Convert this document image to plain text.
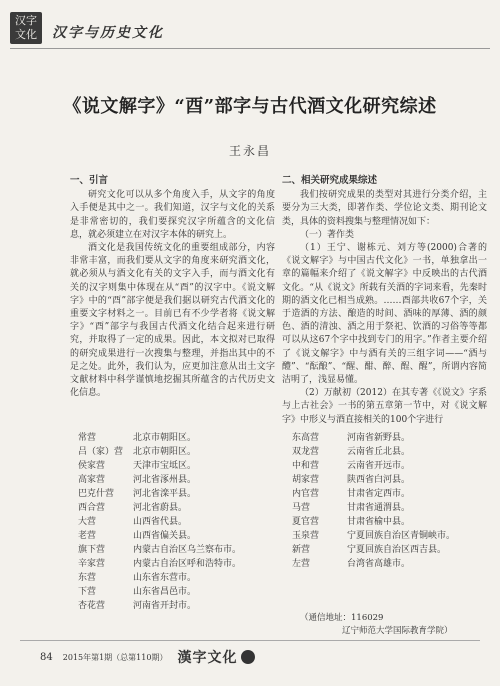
汉字
文化	汉字与历史文化
《说文解字》“酉”部字与古代酒文化研究综述
王永昌
一、引言

研究文化可以从多个角度入手，从文字的角度入手便是其中之一。我们知道，汉字与文化的关系是非常密切的，我们要探究汉字所蕴含的文化信息，就必须建立在对汉字本体的研究上。

酒文化是我国传统文化的重要组成部分，内容非常丰富，而我们要从文字的角度来研究酒文化，就必须从与酒文化有关的文字入手，而与酒文化有关的汉字则集中体现在从“酉”的汉字中。《说文解字》中的“酉”部字便是我们据以研究古代酒文化的重要文字材料之一。目前已有不少学者将《说文解字》“酉”部字与我国古代酒文化结合起来进行研究，并取得了一定的成果。因此，本文拟对已取得的研究成果进行一次搜集与整理，并指出其中的不足之处。此外，我们认为，应更加注意从出土文字文献材料中科学谨慎地挖掘其所蕴含的古代历史文化信息。

二、相关研究成果综述

我们按研究成果的类型对其进行分类介绍，主要分为三大类，即著作类、学位论文类、期刊论文类，具体的资料搜集与整理情况如下：

（一）著作类

（1）王宁、谢栋元、刘方等(2000)合著的《说文解字》与中国古代文化》一书，单独拿出一章的篇幅来介绍了《说文解字》中反映出的古代酒文化。“从《说文》所载有关酒的字词来看，先秦时期的酒文化已相当成熟。……酉部共收67个字，关于造酒的方法、酿造的时间、酒味的厚薄、酒的颜色、酒的清浊、酒之用于祭祀、饮酒的习俗等等都可以从这67个字中找到专门的用字。”作者主要介绍了《说文解字》中与酒有关的三组字词——“酒与醴”、“酝酿”、“醒、酣、醉、酲、醒”，所谓内容简洁明了，浅显易懂。

（2）万献初（2012）在其专著《《说文》字系与上古社会》一书的第五章第一节中，对《说文解字》中形义与酒直接相关的100个字进行

常营	北京市朝阳区。
吕（家）营	北京市朝阳区。
侯家营	天津市宝坻区。
高家营	河北省涿州县。
巴克什营	河北省滦平县。
西合营	河北省蔚县。
大营	山西省代县。
老营	山西省偏关县。
旗下营	内蒙古自治区乌兰察布市。
辛家营	内蒙古自治区呼和浩特市。
东营	山东省东营市。
下营	山东省昌邑市。
杏花营	河南省开封市。
东高营	河南省新野县。
双龙营	云南省丘北县。
中和营	云南省开远市。
胡家营	陕西省白河县。
内官营	甘肃省定西市。
马营	甘肃省通渭县。
夏官营	甘肃省榆中县。
玉泉营	宁夏回族自治区青铜峡市。
新营	宁夏回族自治区西吉县。
左营	台湾省高雄市。
（通信地址：116029
辽宁师范大学国际教育学院）
84 2015年第1期（总第110期） 漢字文化
